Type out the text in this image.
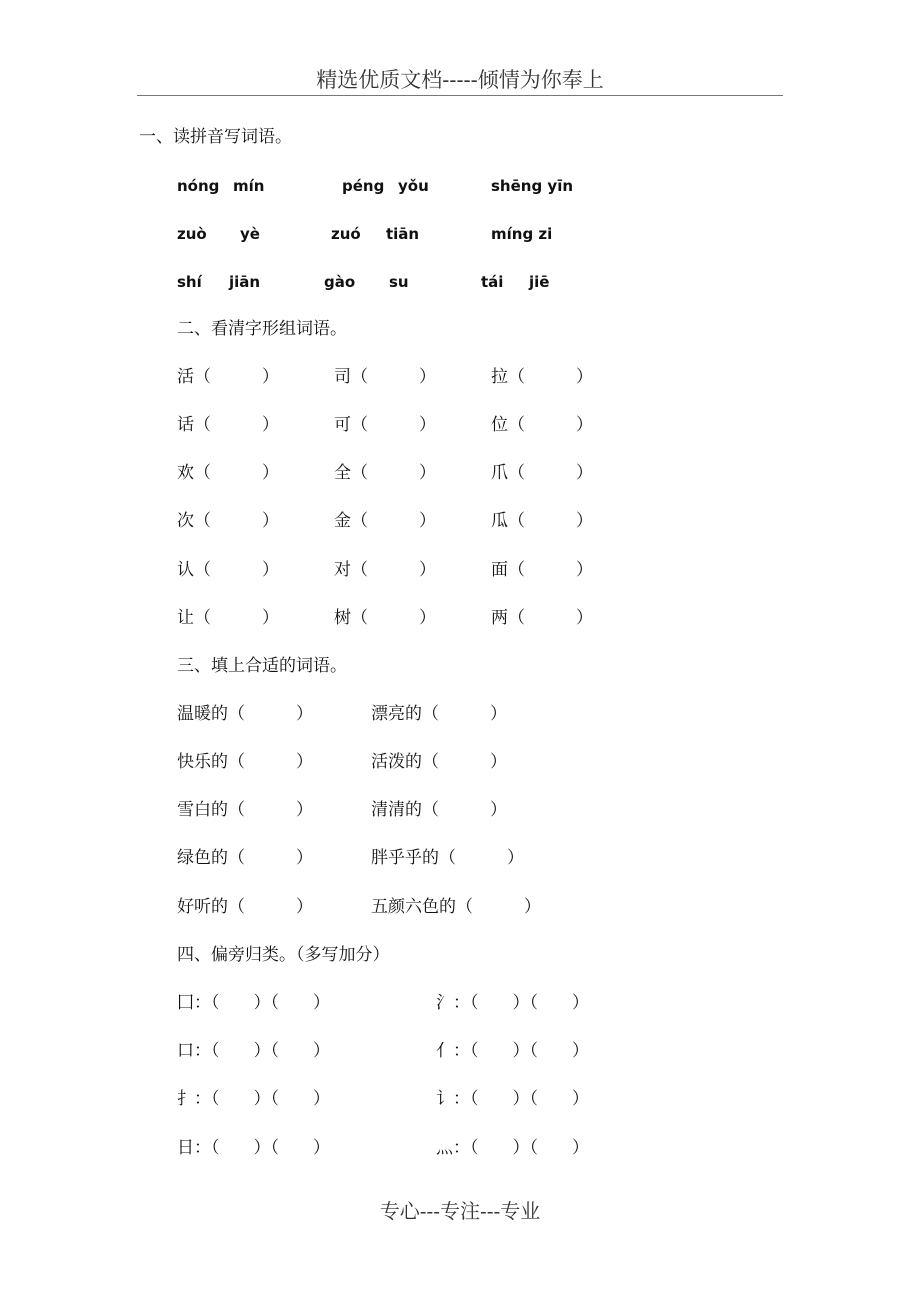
精选优质文档-----倾情为你奉上
一、读拼音写词语。
nóng mín	péng yǒu	shēng yīn
zuò yè	zuó tiān	míng zi
shí jiān	gào su	tái jiē
二、看清字形组词语。
活（　　　）	司（　　　）	拉（　　　）
话（　　　）	可（　　　）	位（　　　）
欢（　　　）	全（　　　）	爪（　　　）
次（　　　）	金（　　　）	瓜（　　　）
认（　　　）	对（　　　）	面（　　　）
让（　　　）	树（　　　）	两（　　　）
三、填上合适的词语。
温暖的（　　　）	漂亮的（　　　）
快乐的（　　　）	活泼的（　　　）
雪白的（　　　）	清清的（　　　）
绿色的（　　　）	胖乎乎的（　　　）
好听的（　　　）	五颜六色的（　　　）
四、偏旁归类。（多写加分）
囗：（　　）（　　）	氵：（　　）（　　）
口：（　　）（　　）	亻：（　　）（　　）
扌：（　　）（　　）	讠：（　　）（　　）
日：（　　）（　　）	灬：（　　）（　　）
专心---专注---专业
